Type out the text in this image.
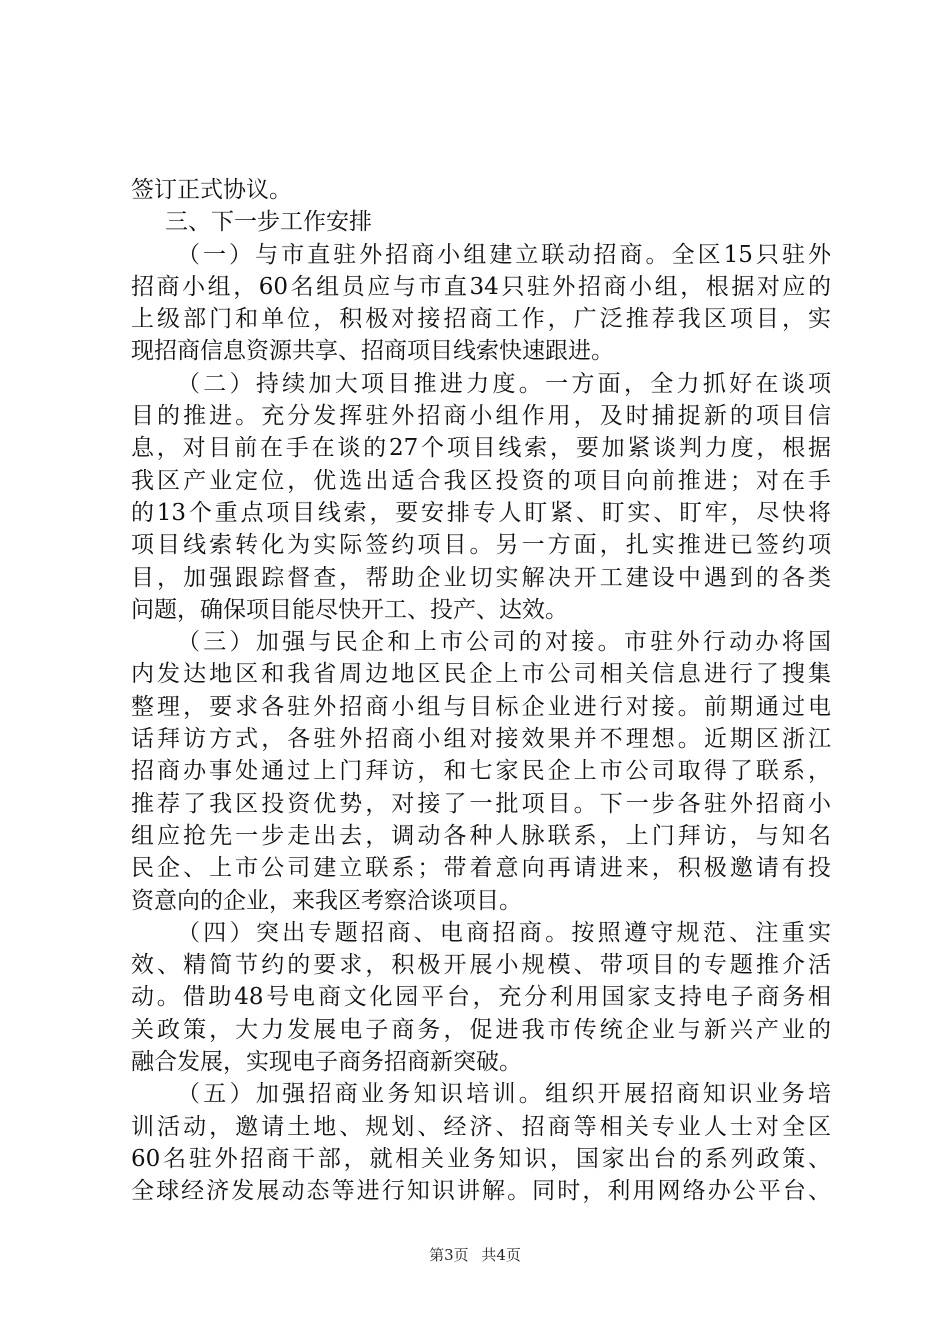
签订正式协议。
三、下一步工作安排
（一）与市直驻外招商小组建立联动招商。全区15只驻外
招商小组，60名组员应与市直34只驻外招商小组，根据对应的
上级部门和单位，积极对接招商工作，广泛推荐我区项目，实
现招商信息资源共享、招商项目线索快速跟进。
（二）持续加大项目推进力度。一方面，全力抓好在谈项
目的推进。充分发挥驻外招商小组作用，及时捕捉新的项目信
息，对目前在手在谈的27个项目线索，要加紧谈判力度，根据
我区产业定位，优选出适合我区投资的项目向前推进；对在手
的13个重点项目线索，要安排专人盯紧、盯实、盯牢，尽快将
项目线索转化为实际签约项目。另一方面，扎实推进已签约项
目，加强跟踪督查，帮助企业切实解决开工建设中遇到的各类
问题，确保项目能尽快开工、投产、达效。
（三）加强与民企和上市公司的对接。市驻外行动办将国
内发达地区和我省周边地区民企上市公司相关信息进行了搜集
整理，要求各驻外招商小组与目标企业进行对接。前期通过电
话拜访方式，各驻外招商小组对接效果并不理想。近期区浙江
招商办事处通过上门拜访，和七家民企上市公司取得了联系，
推荐了我区投资优势，对接了一批项目。下一步各驻外招商小
组应抢先一步走出去，调动各种人脉联系，上门拜访，与知名
民企、上市公司建立联系；带着意向再请进来，积极邀请有投
资意向的企业，来我区考察洽谈项目。
（四）突出专题招商、电商招商。按照遵守规范、注重实
效、精简节约的要求，积极开展小规模、带项目的专题推介活
动。借助48号电商文化园平台，充分利用国家支持电子商务相
关政策，大力发展电子商务，促进我市传统企业与新兴产业的
融合发展，实现电子商务招商新突破。
（五）加强招商业务知识培训。组织开展招商知识业务培
训活动，邀请土地、规划、经济、招商等相关专业人士对全区
60名驻外招商干部，就相关业务知识，国家出台的系列政策、
全球经济发展动态等进行知识讲解。同时，利用网络办公平台、
第3页 共4页
